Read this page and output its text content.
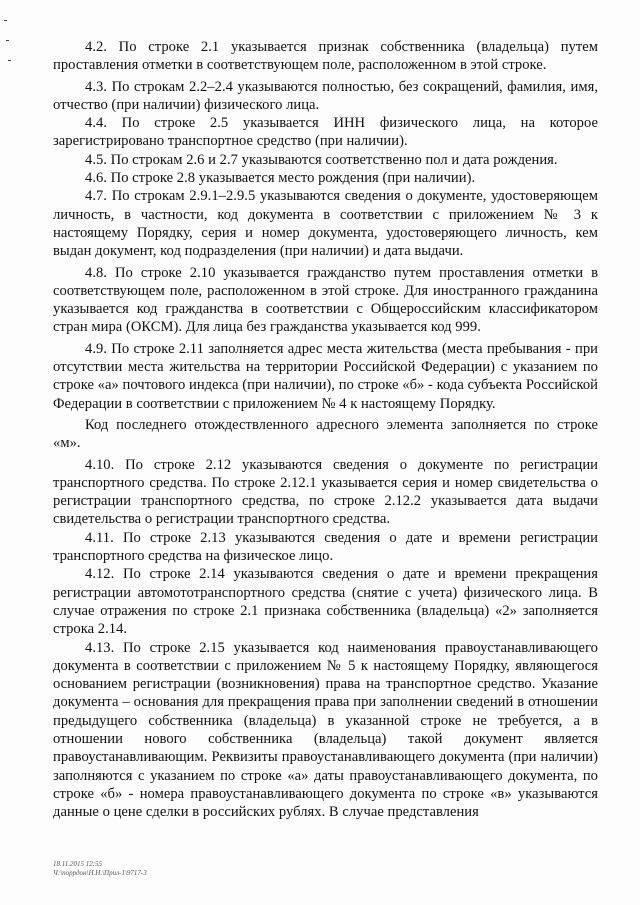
4.2. По строке 2.1 указывается признак собственника (владельца) путем проставления отметки в соответствующем поле, расположенном в этой строке.

4.3. По строкам 2.2–2.4 указываются полностью, без сокращений, фамилия, имя, отчество (при наличии) физического лица.

4.4. По строке 2.5 указывается ИНН физического лица, на которое зарегистрировано транспортное средство (при наличии).

4.5. По строкам 2.6 и 2.7 указываются соответственно пол и дата рождения.

4.6. По строке 2.8 указывается место рождения (при наличии).

4.7. По строкам 2.9.1–2.9.5 указываются сведения о документе, удостоверяющем личность, в частности, код документа в соответствии с приложением № 3 к настоящему Порядку, серия и номер документа, удостоверяющего личность, кем выдан документ, код подразделения (при наличии) и дата выдачи.

4.8. По строке 2.10 указывается гражданство путем проставления отметки в соответствующем поле, расположенном в этой строке. Для иностранного гражданина указывается код гражданства в соответствии с Общероссийским классификатором стран мира (ОКСМ). Для лица без гражданства указывается код 999.

4.9. По строке 2.11 заполняется адрес места жительства (места пребывания - при отсутствии места жительства на территории Российской Федерации) с указанием по строке «а» почтового индекса (при наличии), по строке «б» - кода субъекта Российской Федерации в соответствии с приложением № 4 к настоящему Порядку.

Код последнего отождествленного адресного элемента заполняется по строке «м».

4.10. По строке 2.12 указываются сведения о документе по регистрации транспортного средства. По строке 2.12.1 указывается серия и номер свидетельства о регистрации транспортного средства, по строке 2.12.2 указывается дата выдачи свидетельства о регистрации транспортного средства.

4.11. По строке 2.13 указываются сведения о дате и времени регистрации транспортного средства на физическое лицо.

4.12. По строке 2.14 указываются сведения о дате и времени прекращения регистрации автомототранспортного средства (снятие с учета) физического лица. В случае отражения по строке 2.1 признака собственника (владельца) «2» заполняется строка 2.14.

4.13. По строке 2.15 указывается код наименования правоустанавливающего документа в соответствии с приложением № 5 к настоящему Порядку, являющегося основанием регистрации (возникновения) права на транспортное средство. Указание документа – основания для прекращения права при заполнении сведений в отношении предыдущего собственника (владельца) в указанной строке не требуется, а в отношении нового собственника (владельца) такой документ является правоустанавливающим. Реквизиты правоустанавливающего документа (при наличии) заполняются с указанием по строке «а» даты правоустанавливающего документа, по строке «б» - номера правоустанавливающего документа по строке «в» указываются данные о цене сделки в российских рублях. В случае представления

18.11.2015 12:55
Ч:\поррдон\Н.Н.\Прил-1\9717-3
